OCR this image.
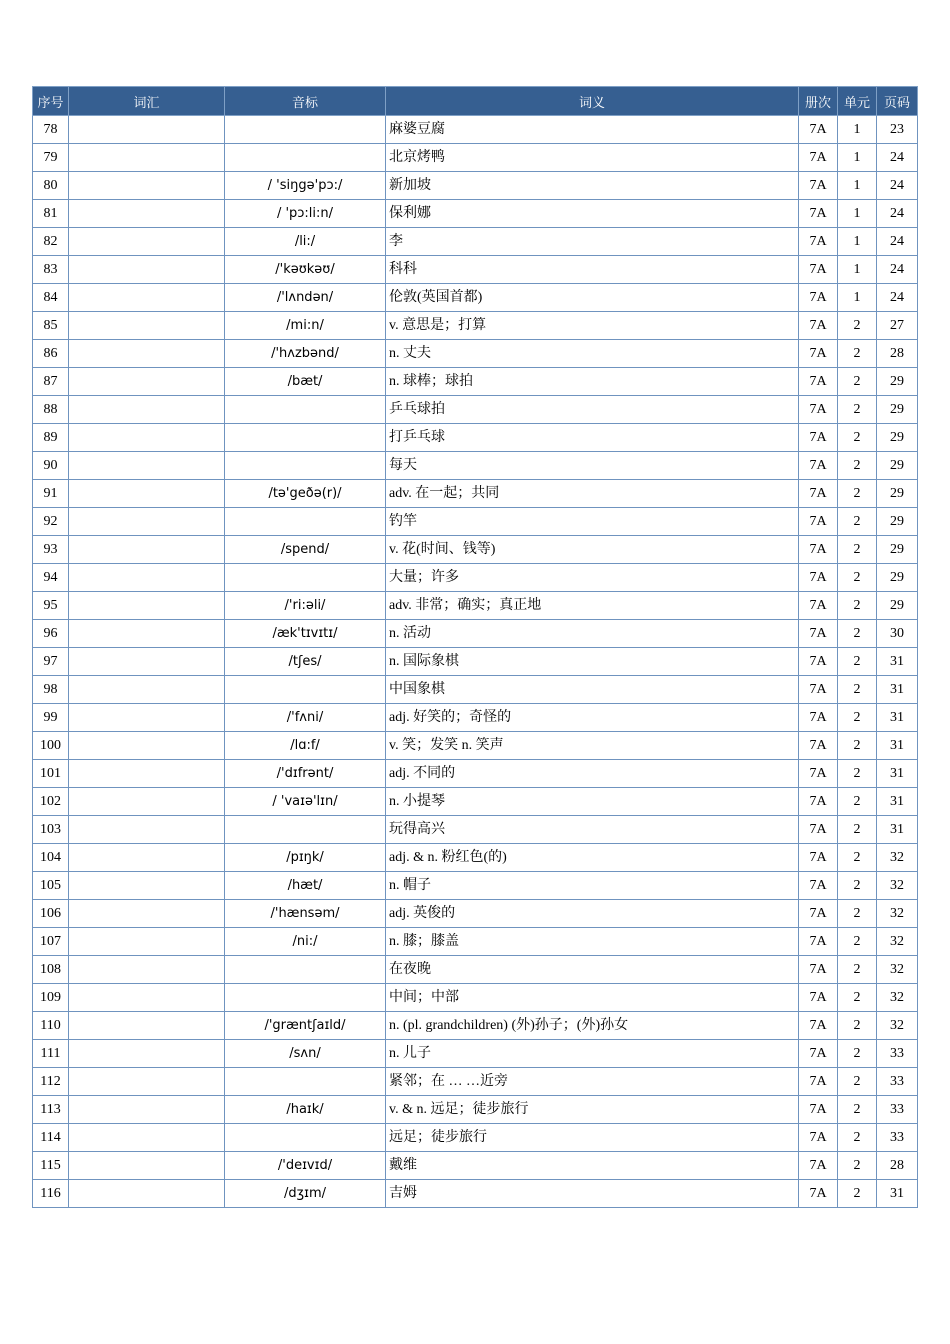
序号	词汇	音标	词义	册次	单元	页码
78			麻婆豆腐	7A	1	23
79			北京烤鸭	7A	1	24
80		/ 'siŋgə'pɔ:/	新加坡	7A	1	24
81		/ 'pɔ:li:n/	保利娜	7A	1	24
82		/li:/	李	7A	1	24
83		/'kəʊkəʊ/	科科	7A	1	24
84		/'lʌndən/	伦敦(英国首都)	7A	1	24
85		/mi:n/	v. 意思是；打算	7A	2	27
86		/'hʌzbənd/	n. 丈夫	7A	2	28
87		/bæt/	n. 球棒；球拍	7A	2	29
88			乒乓球拍	7A	2	29
89			打乒乓球	7A	2	29
90			每天	7A	2	29
91		/tə'geðə(r)/	adv. 在一起；共同	7A	2	29
92			钓竿	7A	2	29
93		/spend/	v. 花(时间、钱等)	7A	2	29
94			大量；许多	7A	2	29
95		/'ri:əli/	adv. 非常；确实；真正地	7A	2	29
96		/æk'tɪvɪtɪ/	n. 活动	7A	2	30
97		/tʃes/	n. 国际象棋	7A	2	31
98			中国象棋	7A	2	31
99		/'fʌni/	adj. 好笑的；奇怪的	7A	2	31
100		/lɑ:f/	v. 笑；发笑 n. 笑声	7A	2	31
101		/'dɪfrənt/	adj. 不同的	7A	2	31
102		/ 'vaɪə'lɪn/	n. 小提琴	7A	2	31
103			玩得高兴	7A	2	31
104		/pɪŋk/	adj. & n. 粉红色(的)	7A	2	32
105		/hæt/	n. 帽子	7A	2	32
106		/'hænsəm/	adj. 英俊的	7A	2	32
107		/ni:/	n. 膝；膝盖	7A	2	32
108			在夜晚	7A	2	32
109			中间；中部	7A	2	32
110		/'græntʃaɪld/	n. (pl. grandchildren) (外)孙子；(外)孙女	7A	2	32
111		/sʌn/	n. 儿子	7A	2	33
112			紧邻；在 … …近旁	7A	2	33
113		/haɪk/	v. & n. 远足；徒步旅行	7A	2	33
114			远足；徒步旅行	7A	2	33
115		/'deɪvɪd/	戴维	7A	2	28
116		/dʒɪm/	吉姆	7A	2	31
